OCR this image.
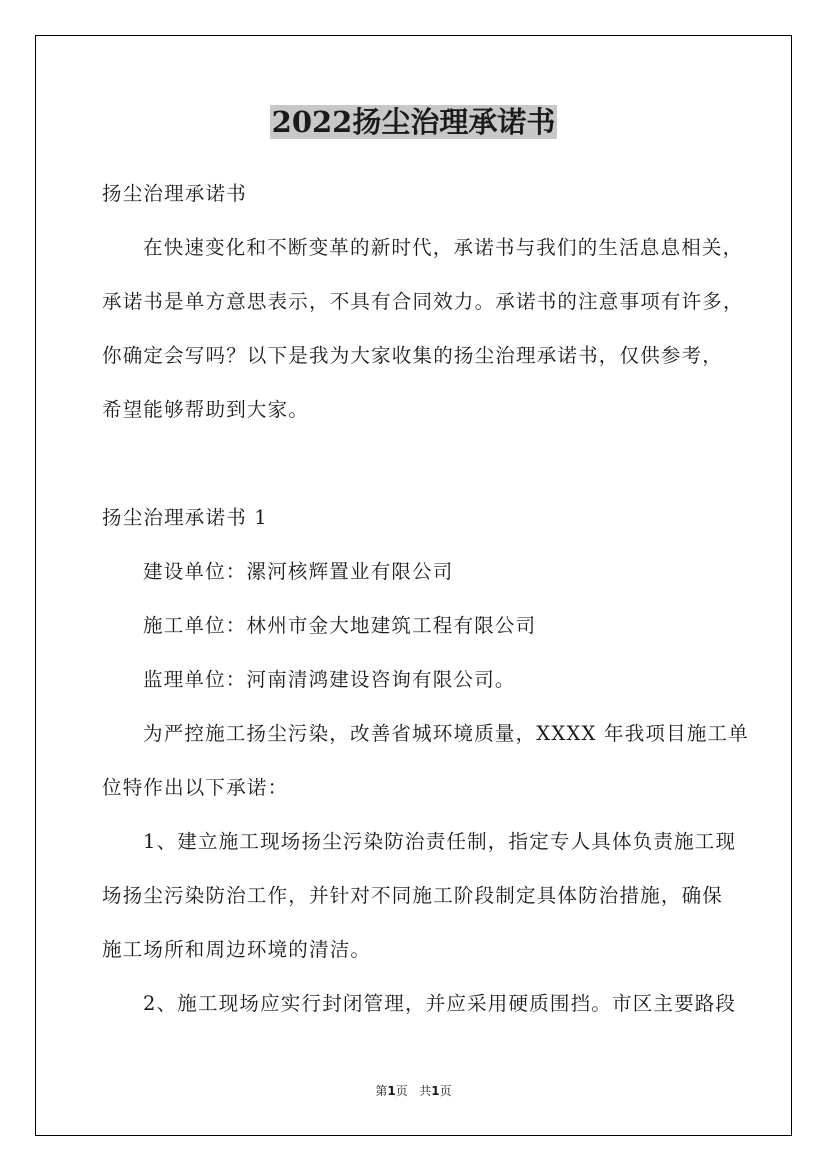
2022扬尘治理承诺书
扬尘治理承诺书
在快速变化和不断变革的新时代，承诺书与我们的生活息息相关，
承诺书是单方意思表示，不具有合同效力。承诺书的注意事项有许多，
你确定会写吗？以下是我为大家收集的扬尘治理承诺书，仅供参考，
希望能够帮助到大家。
扬尘治理承诺书 1
建设单位：漯河核辉置业有限公司
施工单位：林州市金大地建筑工程有限公司
监理单位：河南清鸿建设咨询有限公司。
为严控施工扬尘污染，改善省城环境质量，XXXX 年我项目施工单
位特作出以下承诺：
1、建立施工现场扬尘污染防治责任制，指定专人具体负责施工现
场扬尘污染防治工作，并针对不同施工阶段制定具体防治措施，确保
施工场所和周边环境的清洁。
2、施工现场应实行封闭管理，并应采用硬质围挡。市区主要路段
第1页   共1页
